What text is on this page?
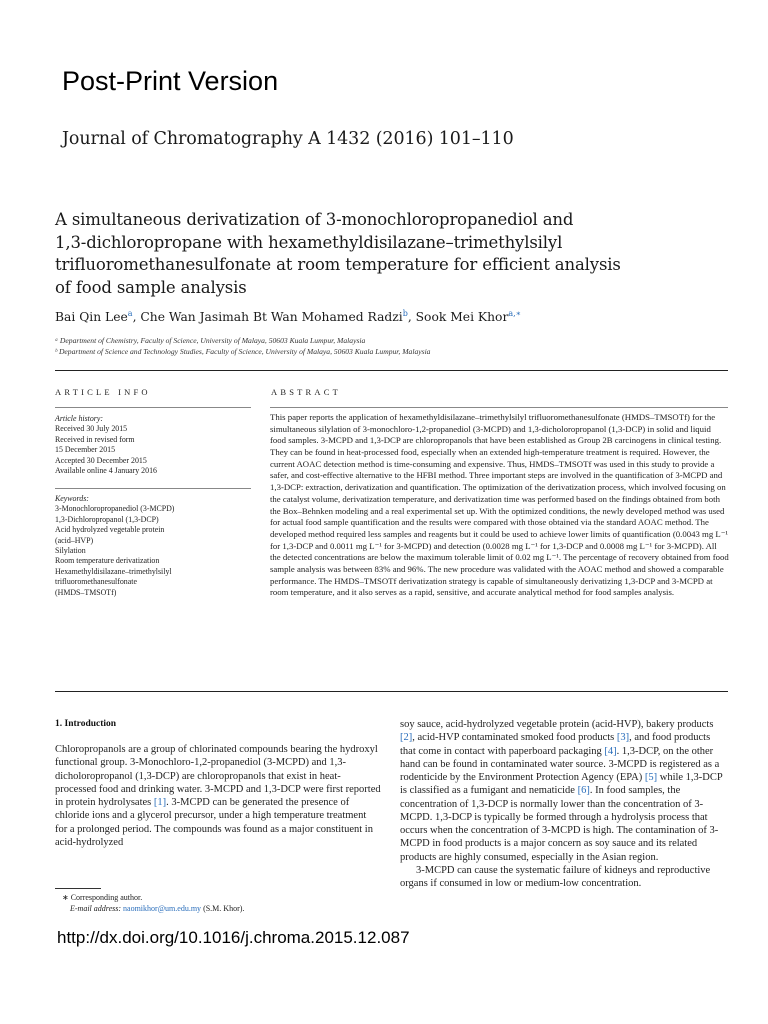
Post-Print Version
Journal of Chromatography A 1432 (2016) 101–110
A simultaneous derivatization of 3-monochloropropanediol and
1,3-dichloropropane with hexamethyldisilazane–trimethylsilyl
trifluoromethanesulfonate at room temperature for efficient analysis
of food sample analysis
Bai Qin Lee$^a$, Che Wan Jasimah Bt Wan Mohamed Radzi$^b$, Sook Mei Khor$^{a,∗}$
ᵃ Department of Chemistry, Faculty of Science, University of Malaya, 50603 Kuala Lumpur, Malaysia
ᵇ Department of Science and Technology Studies, Faculty of Science, University of Malaya, 50603 Kuala Lumpur, Malaysia
ARTICLE INFO	ABSTRACT
Article history:
Received 30 July 2015
Received in revised form
15 December 2015
Accepted 30 December 2015
Available online 4 January 2016
Keywords:
3-Monochloropropanediol (3-MCPD)
1,3-Dichloropropanol (1,3-DCP)
Acid hydrolyzed vegetable protein
(acid–HVP)
Silylation
Room temperature derivatization
Hexamethyldisilazane–trimethylsilyl
trifluoromethanesulfonate
(HMDS–TMSOTf)
This paper reports the application of hexamethyldisilazane–trimethylsilyl trifluoromethanesulfonate (HMDS–TMSOTf) for the simultaneous silylation of 3-monochloro-1,2-propanediol (3-MCPD) and 1,3-dicholoropropanol (1,3-DCP) in solid and liquid food samples. 3-MCPD and 1,3-DCP are chloropropanols that have been established as Group 2B carcinogens in clinical testing. They can be found in heat-processed food, especially when an extended high-temperature treatment is required. However, the current AOAC detection method is time-consuming and expensive. Thus, HMDS–TMSOTf was used in this study to provide a safer, and cost-effective alternative to the HFBI method. Three important steps are involved in the quantification of 3-MCPD and 1,3-DCP: extraction, derivatization and quantification. The optimization of the derivatization process, which involved focusing on the catalyst volume, derivatization temperature, and derivatization time was performed based on the findings obtained from both the Box–Behnken modeling and a real experimental set up. With the optimized conditions, the newly developed method was used for actual food sample quantification and the results were compared with those obtained via the standard AOAC method. The developed method required less samples and reagents but it could be used to achieve lower limits of quantification (0.0043 mg L⁻¹ for 1,3-DCP and 0.0011 mg L⁻¹ for 3-MCPD) and detection (0.0028 mg L⁻¹ for 1,3-DCP and 0.0008 mg L⁻¹ for 3-MCPD). All the detected concentrations are below the maximum tolerable limit of 0.02 mg L⁻¹. The percentage of recovery obtained from food sample analysis was between 83% and 96%. The new procedure was validated with the AOAC method and showed a comparable performance. The HMDS–TMSOTf derivatization strategy is capable of simultaneously derivatizing 1,3-DCP and 3-MCPD at room temperature, and it also serves as a rapid, sensitive, and accurate analytical method for food samples analysis.
1. Introduction
Chloropropanols are a group of chlorinated compounds bearing the hydroxyl functional group. 3-Monochloro-1,2-propanediol (3-MCPD) and 1,3-dicholoropropanol (1,3-DCP) are chloropropanols that exist in heat-processed food and drinking water. 3-MCPD and 1,3-DCP were first reported in protein hydrolysates [1]. 3-MCPD can be generated the presence of chloride ions and a glycerol precursor, under a high temperature treatment for a prolonged period. The compounds was found as a major constituent in acid-hydrolyzed
soy sauce, acid-hydrolyzed vegetable protein (acid-HVP), bakery products [2], acid-HVP contaminated smoked food products [3], and food products that come in contact with paperboard packaging [4]. 1,3-DCP, on the other hand can be found in contaminated water source. 3-MCPD is registered as a rodenticide by the Environment Protection Agency (EPA) [5] while 1,3-DCP is classified as a fumigant and nematicide [6]. In food samples, the concentration of 1,3-DCP is normally lower than the concentration of 3-MCPD. 1,3-DCP is typically be formed through a hydrolysis process that occurs when the concentration of 3-MCPD is high. The contamination of 3-MCPD in food products is a major concern as soy sauce and its related products are highly consumed, especially in the Asian region.
3-MCPD can cause the systematic failure of kidneys and reproductive organs if consumed in low or medium-low concentration.
∗ Corresponding author.
E-mail address: naomikhor@um.edu.my (S.M. Khor).
http://dx.doi.org/10.1016/j.chroma.2015.12.087
